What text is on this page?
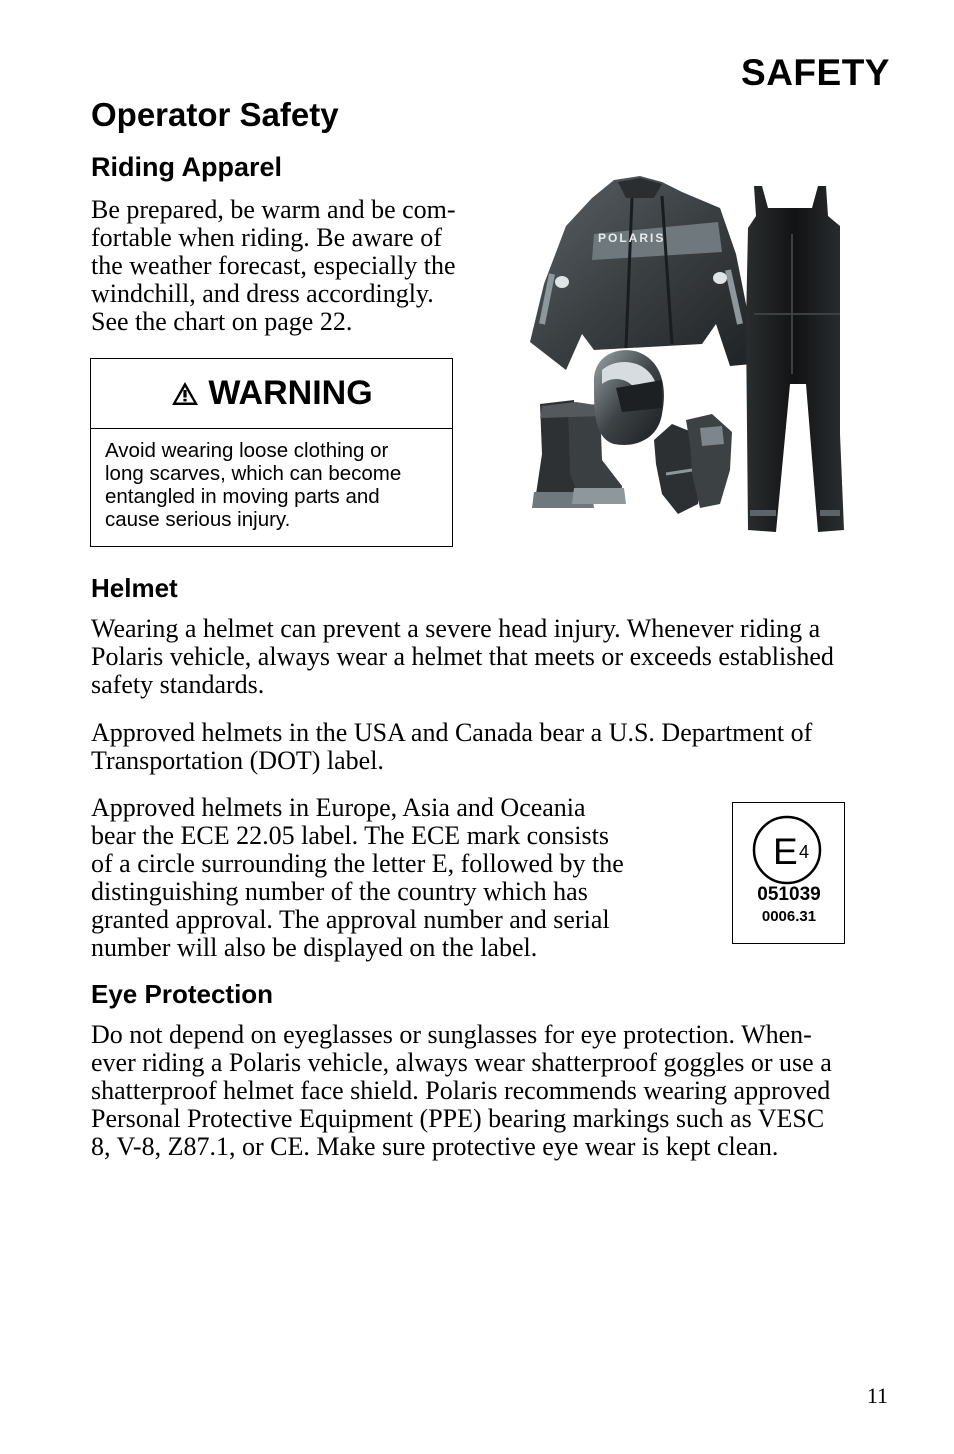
SAFETY
Operator Safety
Riding Apparel
Be prepared, be warm and be com-
fortable when riding. Be aware of
the weather forecast, especially the
windchill, and dress accordingly.
See the chart on page 22.
WARNING
Avoid wearing loose clothing or
long scarves, which can become
entangled in moving parts and
cause serious injury.
POLARIS
Helmet
Wearing a helmet can prevent a severe head injury. Whenever riding a
Polaris vehicle, always wear a helmet that meets or exceeds established
safety standards.
Approved helmets in the USA and Canada bear a U.S. Department of
Transportation (DOT) label.
Approved helmets in Europe, Asia and Oceania
bear the ECE 22.05 label. The ECE mark consists
of a circle surrounding the letter E, followed by the
distinguishing number of the country which has
granted approval. The approval number and serial
number will also be displayed on the label.
E 4
051039
0006.31
Eye Protection
Do not depend on eyeglasses or sunglasses for eye protection. When-
ever riding a Polaris vehicle, always wear shatterproof goggles or use a
shatterproof helmet face shield. Polaris recommends wearing approved
Personal Protective Equipment (PPE) bearing markings such as VESC
8, V-8, Z87.1, or CE. Make sure protective eye wear is kept clean.
11
